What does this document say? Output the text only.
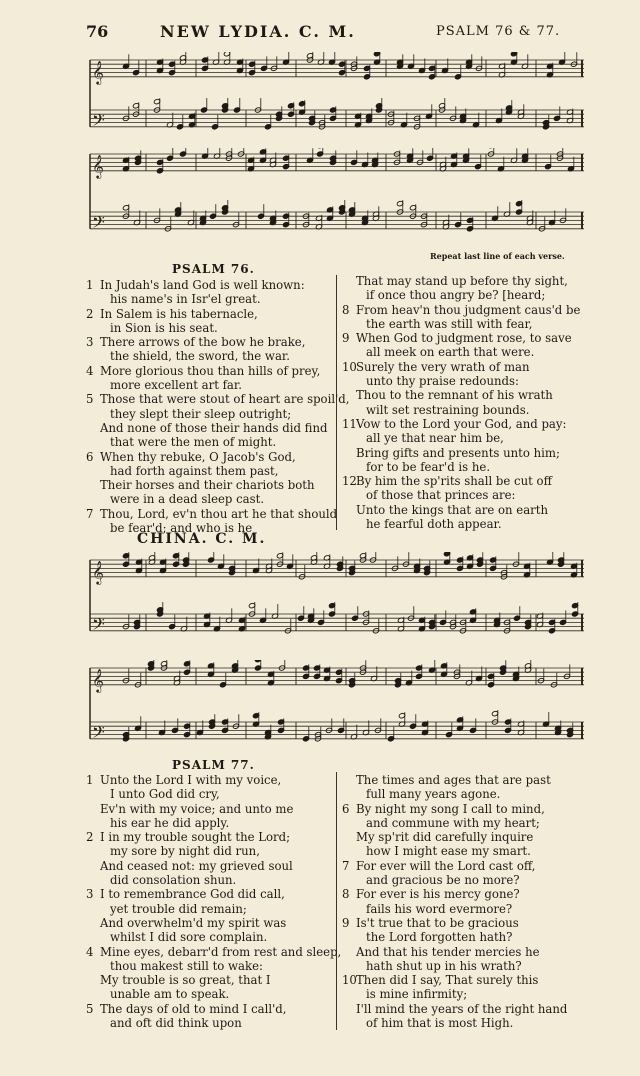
76	NEW LYDIA. C. M.	PSALM 76 & 77.
𝄞
𝄢
𝄞
𝄢
Repeat last line of each verse.
PSALM 76.
1 In Judah's land God is well known:
his name's in Isr'el great.
2 In Salem is his tabernacle,
in Sion is his seat.
3 There arrows of the bow he brake,
the shield, the sword, the war.
4 More glorious thou than hills of prey,
more excellent art far.
5 Those that were stout of heart are spoil'd,
they slept their sleep outright;
And none of those their hands did find
that were the men of might.
6 When thy rebuke, O Jacob's God,
had forth against them past,
Their horses and their chariots both
were in a dead sleep cast.
7 Thou, Lord, ev'n thou art he that should
be fear'd; and who is he
That may stand up before thy sight,
if once thou angry be? [heard;
8 From heav'n thou judgment caus'd be
the earth was still with fear,
9 When God to judgment rose, to save
all meek on earth that were.
10Surely the very wrath of man
unto thy praise redounds:
Thou to the remnant of his wrath
wilt set restraining bounds.
11Vow to the Lord your God, and pay:
all ye that near him be,
Bring gifts and presents unto him;
for to be fear'd is he.
12By him the sp'rits shall be cut off
of those that princes are:
Unto the kings that are on earth
he fearful doth appear.
CHINA. C. M.
𝄞
𝄢
𝄞
𝄢
PSALM 77.
1 Unto the Lord I with my voice,
I unto God did cry,
Ev'n with my voice; and unto me
his ear he did apply.
2 I in my trouble sought the Lord;
my sore by night did run,
And ceased not: my grieved soul
did consolation shun.
3 I to remembrance God did call,
yet trouble did remain;
And overwhelm'd my spirit was
whilst I did sore complain.
4 Mine eyes, debarr'd from rest and sleep,
thou makest still to wake:
My trouble is so great, that I
unable am to speak.
5 The days of old to mind I call'd,
and oft did think upon
The times and ages that are past
full many years agone.
6 By night my song I call to mind,
and commune with my heart;
My sp'rit did carefully inquire
how I might ease my smart.
7 For ever will the Lord cast off,
and gracious be no more?
8 For ever is his mercy gone?
fails his word evermore?
9 Is't true that to be gracious
the Lord forgotten hath?
And that his tender mercies he
hath shut up in his wrath?
10Then did I say, That surely this
is mine infirmity;
I'll mind the years of the right hand
of him that is most High.
